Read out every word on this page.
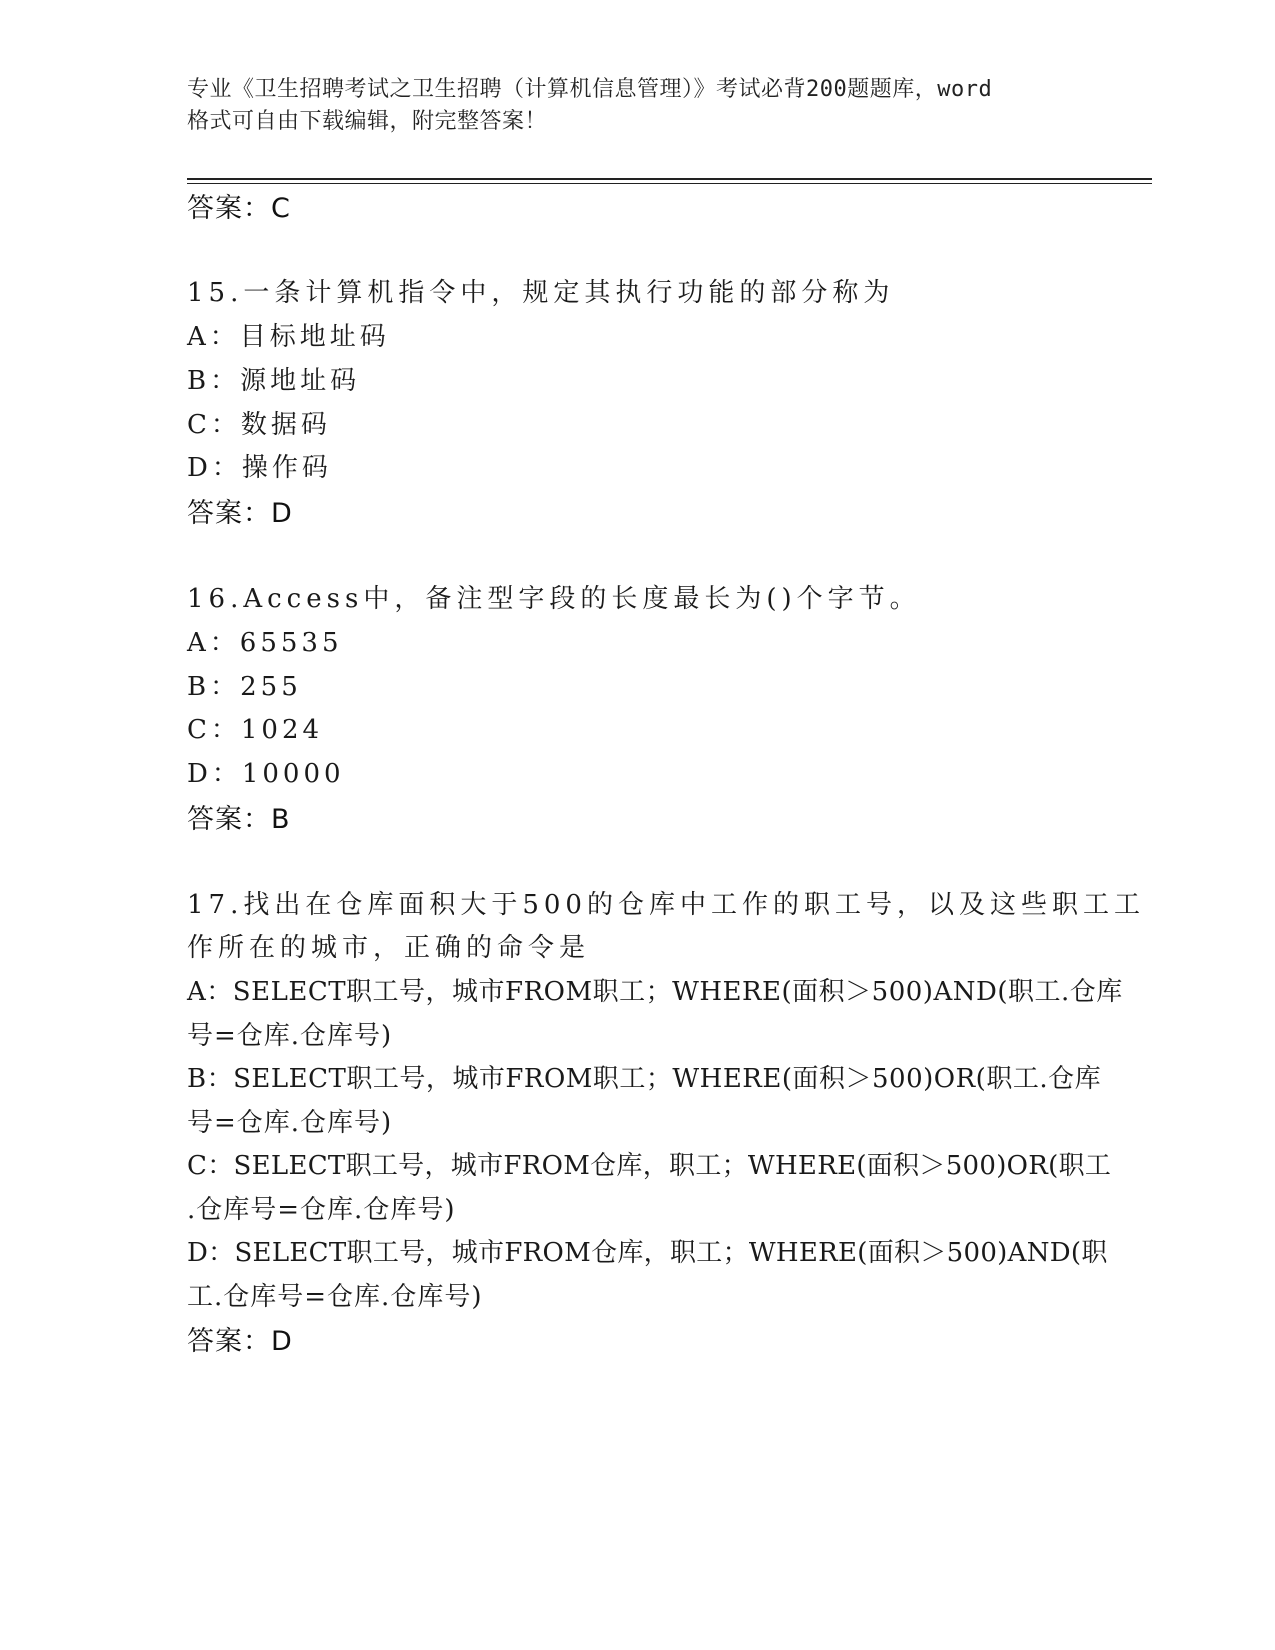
专业《卫生招聘考试之卫生招聘（计算机信息管理）》考试必背200题题库，word
格式可自由下载编辑，附完整答案！
答案：C
15.一条计算机指令中，规定其执行功能的部分称为
A：目标地址码
B：源地址码
C：数据码
D：操作码
答案：D
16.Access中，备注型字段的长度最长为()个字节。
A：65535
B：255
C：1024
D：10000
答案：B
17.找出在仓库面积大于500的仓库中工作的职工号，以及这些职工工
作所在的城市，正确的命令是
A：SELECT职工号，城市FROM职工；WHERE(面积＞500)AND(职工.仓库
号=仓库.仓库号)
B：SELECT职工号，城市FROM职工；WHERE(面积＞500)OR(职工.仓库
号=仓库.仓库号)
C：SELECT职工号，城市FROM仓库，职工；WHERE(面积＞500)OR(职工
.仓库号=仓库.仓库号)
D：SELECT职工号，城市FROM仓库，职工；WHERE(面积＞500)AND(职
工.仓库号=仓库.仓库号)
答案：D
